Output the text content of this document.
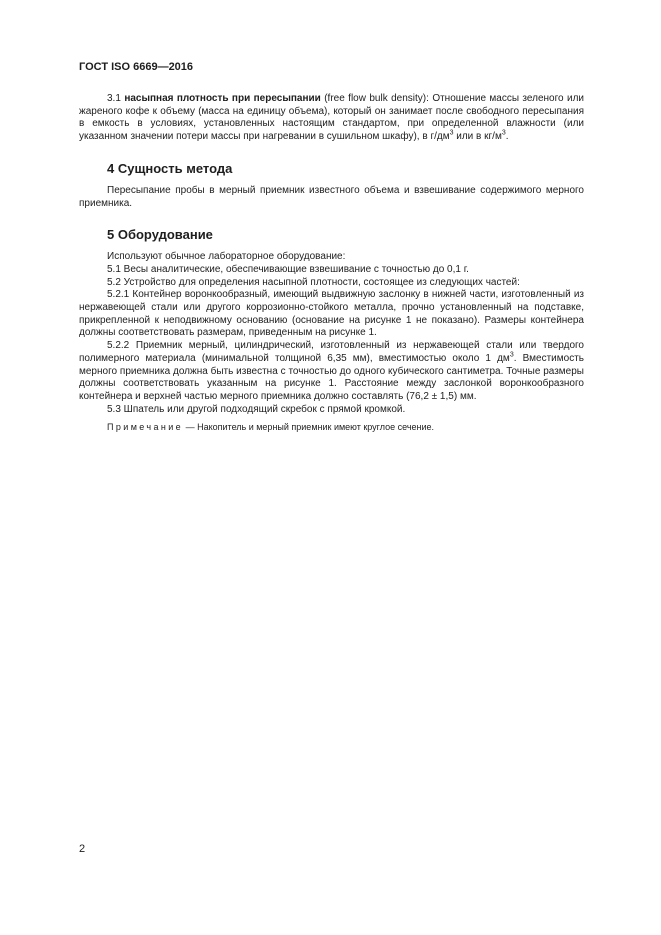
ГОСТ ISO 6669—2016

3.1 насыпная плотность при пересыпании (free flow bulk density): Отношение массы зеленого или жареного кофе к объему (масса на единицу объема), который он занимает после свободного пересыпания в емкость в условиях, установленных настоящим стандартом, при определенной влажности (или указанном значении потери массы при нагревании в сушильном шкафу), в $г/дм^3$ или в $кг/м^3$.

4 Сущность метода

Пересыпание пробы в мерный приемник известного объема и взвешивание содержимого мерного приемника.

5 Оборудование

Используют обычное лабораторное оборудование:

5.1 Весы аналитические, обеспечивающие взвешивание с точностью до 0,1 г.

5.2 Устройство для определения насыпной плотности, состоящее из следующих частей:

5.2.1 Контейнер воронкообразный, имеющий выдвижную заслонку в нижней части, изготовленный из нержавеющей стали или другого коррозионно-стойкого металла, прочно установленный на подставке, прикрепленной к неподвижному основанию (основание на рисунке 1 не показано). Размеры контейнера должны соответствовать размерам, приведенным на рисунке 1.

5.2.2 Приемник мерный, цилиндрический, изготовленный из нержавеющей стали или твердого полимерного материала (минимальной толщиной 6,35 мм), вместимостью около 1 $дм^3$. Вместимость мерного приемника должна быть известна с точностью до одного кубического сантиметра. Точные размеры должны соответствовать указанным на рисунке 1. Расстояние между заслонкой воронкообразного контейнера и верхней частью мерного приемника должно составлять (76,2 ± 1,5) мм.

5.3 Шпатель или другой подходящий скребок с прямой кромкой.

Примечание — Накопитель и мерный приемник имеют круглое сечение.

2
